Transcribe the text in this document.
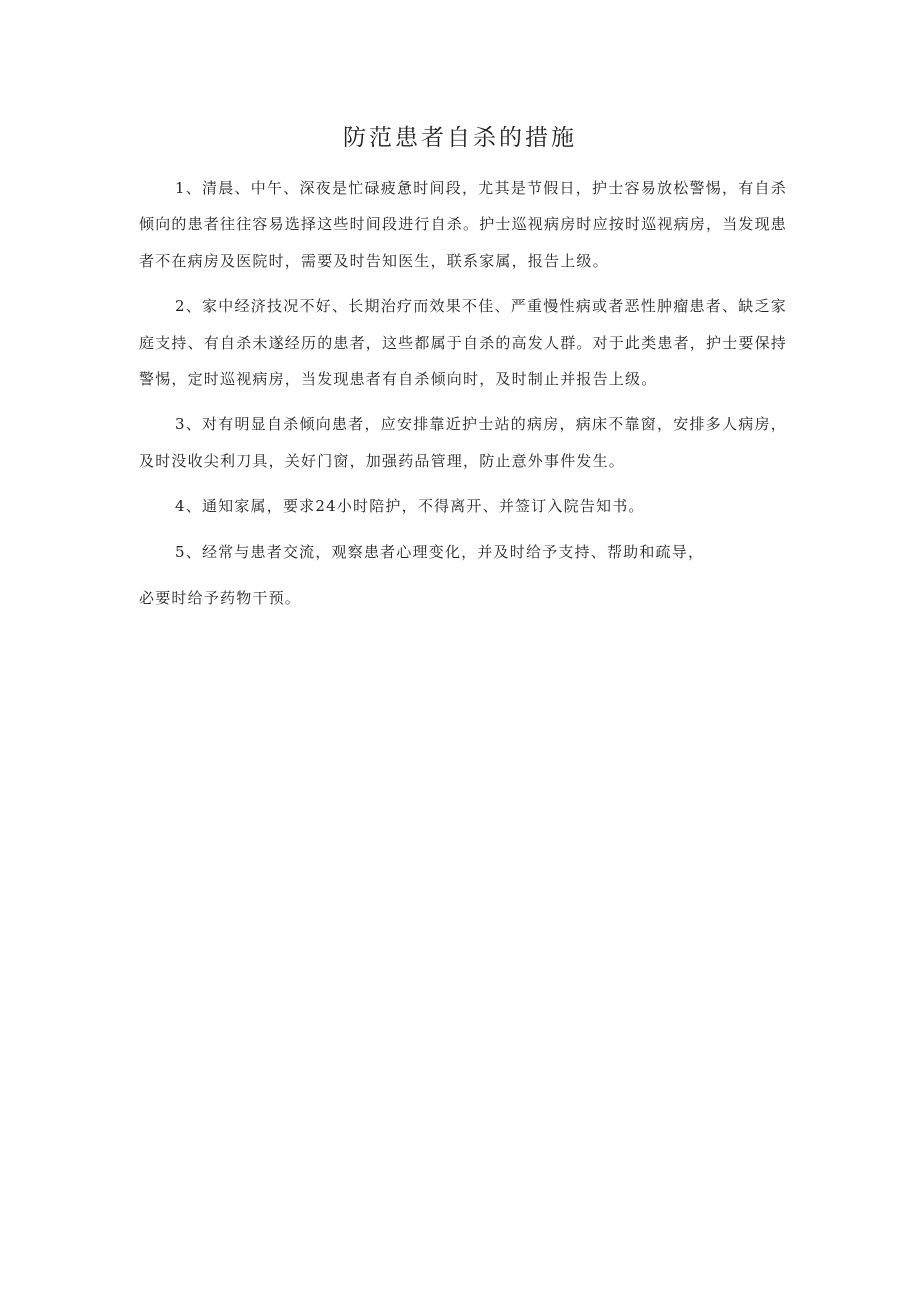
防范患者自杀的措施

1、清晨、中午、深夜是忙碌疲惫时间段，尤其是节假日，护士容易放松警惕，有自杀倾向的患者往往容易选择这些时间段进行自杀。护士巡视病房时应按时巡视病房，当发现患者不在病房及医院时，需要及时告知医生，联系家属，报告上级。

2、家中经济技况不好、长期治疗而效果不佳、严重慢性病或者恶性肿瘤患者、缺乏家庭支持、有自杀未遂经历的患者，这些都属于自杀的高发人群。对于此类患者，护士要保持警惕，定时巡视病房，当发现患者有自杀倾向时，及时制止并报告上级。

3、对有明显自杀倾向患者，应安排靠近护士站的病房，病床不靠窗，安排多人病房，及时没收尖利刀具，关好门窗，加强药品管理，防止意外事件发生。

4、通知家属，要求24小时陪护，不得离开、并签订入院告知书。

5、经常与患者交流，观察患者心理变化，并及时给予支持、帮助和疏导，

必要时给予药物干预。
